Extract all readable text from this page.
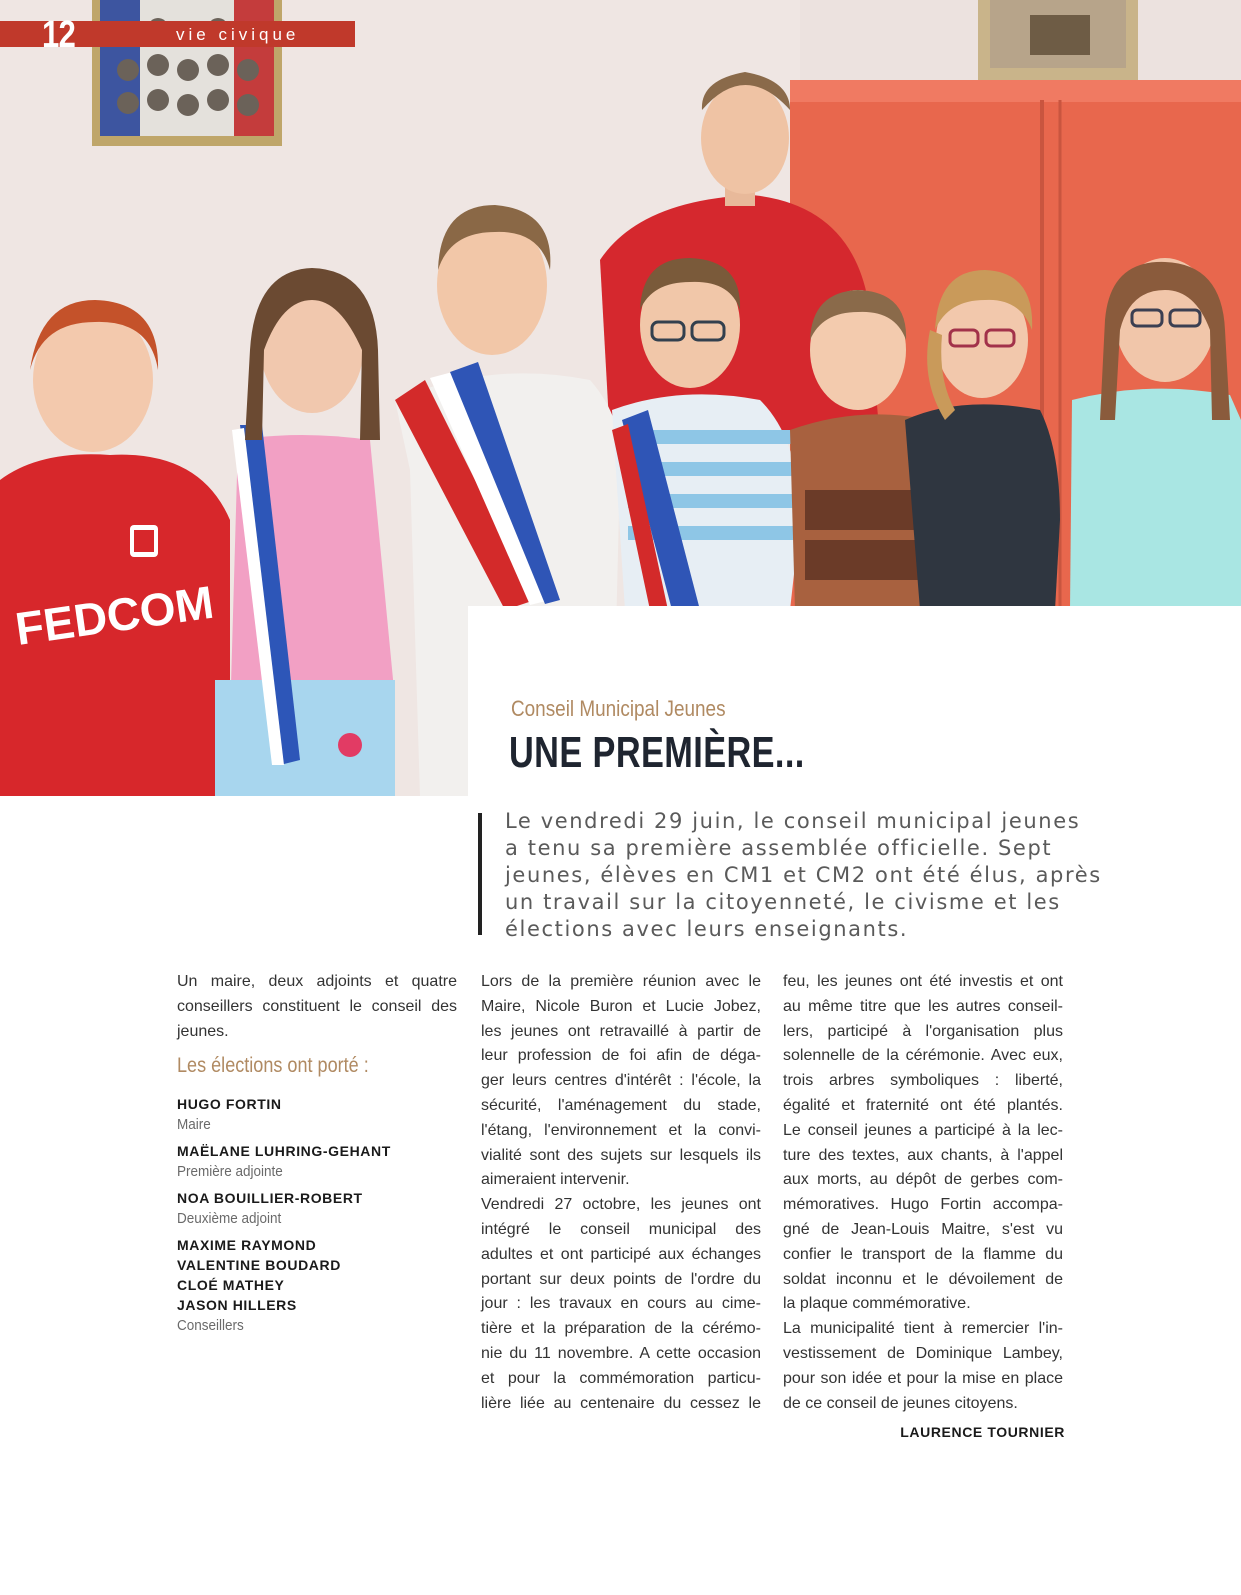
FEDCOM
12	vie civique
Conseil Municipal Jeunes
UNE PREMIÈRE...
Le vendredi 29 juin, le conseil municipal jeunes
a tenu sa première assemblée officielle. Sept
jeunes, élèves en CM1 et CM2 ont été élus, après
un travail sur la citoyenneté, le civisme et les
élections avec leurs enseignants.
Un maire, deux adjoints et quatre
conseillers constituent le conseil des
jeunes.
Les élections ont porté :
HUGO FORTIN
Maire
MAËLANE LUHRING-GEHANT
Première adjointe
NOA BOUILLIER-ROBERT
Deuxième adjoint
MAXIME RAYMOND
VALENTINE BOUDARD
CLOÉ MATHEY
JASON HILLERS
Conseillers
Lors de la première réunion avec le
Maire, Nicole Buron et Lucie Jobez,
les jeunes ont retravaillé à partir de
leur profession de foi afin de déga-
ger leurs centres d'intérêt : l'école, la
sécurité, l'aménagement du stade,
l'étang, l'environnement et la convi-
vialité sont des sujets sur lesquels ils
aimeraient intervenir.
Vendredi 27 octobre, les jeunes ont
intégré le conseil municipal des
adultes et ont participé aux échanges
portant sur deux points de l'ordre du
jour : les travaux en cours au cime-
tière et la préparation de la cérémo-
nie du 11 novembre. A cette occasion
et pour la commémoration particu-
lière liée au centenaire du cessez le
feu, les jeunes ont été investis et ont
au même titre que les autres conseil-
lers, participé à l'organisation plus
solennelle de la cérémonie. Avec eux,
trois arbres symboliques : liberté,
égalité et fraternité ont été plantés.
Le conseil jeunes a participé à la lec-
ture des textes, aux chants, à l'appel
aux morts, au dépôt de gerbes com-
mémoratives. Hugo Fortin accompa-
gné de Jean-Louis Maitre, s'est vu
confier le transport de la flamme du
soldat inconnu et le dévoilement de
la plaque commémorative.
La municipalité tient à remercier l'in-
vestissement de Dominique Lambey,
pour son idée et pour la mise en place
de ce conseil de jeunes citoyens.
LAURENCE TOURNIER
